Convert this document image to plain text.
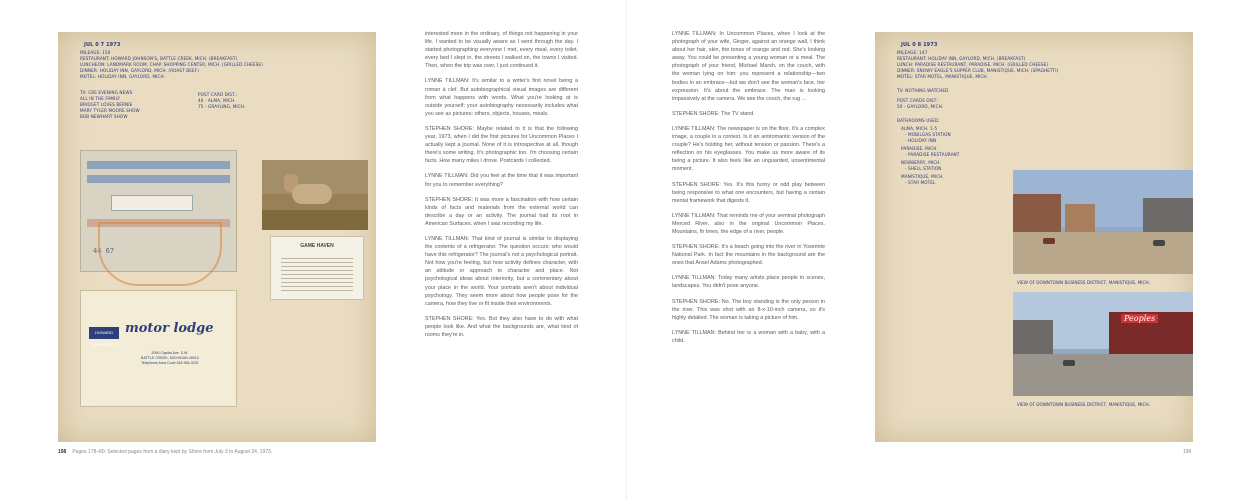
JUL 0 7 1973
MILEAGE: 150
RESTAURANT: HOWARD JOHNSON'S, BATTLE CREEK, MICH. (BREAKFAST)
LUNCHEON: LANDMARK ROOM, CHAP. SHOPPING CENTER, MICH. (GRILLED CHEESE)
DINNER: HOLIDAY INN, GAYLORD, MICH. (ROAST BEEF)
MOTEL: HOLIDAY INN, GAYLORD, MICH.
TV: CBS EVENING NEWS
ALL IN THE FAMILY
BRIDGET LOVES BERNIE
MARY TYLER MOORE SHOW
BOB NEWHART SHOW
POST CARD DIST.:
40 - ALMA, MICH.
75 - GRAYLING, MICH.
44 67
HOWARD JOHNSON'S
motor lodge
2050 Capital Ave. S.W.
BATTLE CREEK, MICHIGAN 49015
Telephone Area Code 616 965-3201
GAME HAVEN

interested more in the ordinary, of things not happening in your life. I wanted to be visually aware as I went through the day. I started photographing everyone I met, every meal, every toilet, every bed I slept in, the streets I walked on, the towns I visited. Then, when the trip was over, I just continued it.

LYNNE TILLMAN: It's similar to a writer's first novel being a roman à clef. But autobiographical visual images are different from what happens with words. What you're looking at is outside yourself; your autobiography necessarily includes what you see as pictures: others, objects, houses, meals.

STEPHEN SHORE: Maybe related to it is that the following year, 1973, when I did the first pictures for Uncommon Places I actually kept a journal. None of it is introspective at all, though there's some writing. It's photographic too. I'm choosing certain facts. How many miles I drove. Postcards I collected.

LYNNE TILLMAN: Did you feel at the time that it was important for you to remember everything?

STEPHEN SHORE: It was more a fascination with how certain kinds of facts and materials from the external world can describe a day or an activity. The journal had its root in American Surfaces, when I was recording my life.

LYNNE TILLMAN: That kind of journal is similar to displaying the contents of a refrigerator. The question occurs: who would have this refrigerator? The journal's not a psychological portrait. Not how you're feeling, but how activity defines character, with an attitude or approach to character and place. Not psychological ideas about interiority, but a commentary about your place in the world. Your portraits aren't about individual psychology. They seem more about how people pose for the camera, how they live or fit inside their environments.

STEPHEN SHORE: Yes. But they also have to do with what people look like. And what the backgrounds are, what kind of rooms they're in.

LYNNE TILLMAN: In Uncommon Places, when I look at the photograph of your wife, Ginger, against an orange wall, I think about her hair, skin, the tones of orange and red. She's looking away. You could be presenting a young woman or a meal. The photograph of your friend, Michael Marsh, on the couch, with the woman lying on him: you represent a relationship—two bodies in an embrace—but we don't see the woman's face, her expression. It's about the embrace. The man is looking impassively at the camera. We see the couch, the rug ...

STEPHEN SHORE: The TV stand.

LYNNE TILLMAN: The newspaper is on the floor. It's a complex image, a couple in a context. Is it an antiromantic version of the couple? He's holding her, without tension or passion. There's a reflection on his eyeglasses. You make us more aware of its being a picture. It also feels like an unguarded, unsentimental moment.

STEPHEN SHORE: Yes. It's this funny or odd play between being responsive to what one encounters, but having a certain mental framework that digests it.

LYNNE TILLMAN: That reminds me of your seminal photograph Merced River, also in the original Uncommon Places. Mountains, fir trees, the edge of a river, people.

STEPHEN SHORE: It's a beach going into the river in Yosemite National Park. In fact the mountains in the background are the ones that Ansel Adams photographed.

LYNNE TILLMAN: Today many artists place people in scenes, landscapes. You didn't pose anyone.

STEPHEN SHORE: No. The boy standing is the only person in the river. This was shot with an 8-x-10-inch camera, so it's highly detailed. The woman is taking a picture of him.

LYNNE TILLMAN: Behind her is a woman with a baby, with a child.

JUL 0 8 1973
MILEAGE: 147
RESTAURANT: HOLIDAY INN, GAYLORD, MICH. (BREAKFAST)
LUNCH: PARADISE RESTAURANT, PARADISE, MICH. (GRILLED CHEESE)
DINNER: SNOWY EAGLE'S SUPPER CLUB, MANISTIQUE, MICH. (SPAGHETTI)
MOTEL: STAR MOTEL, MANISTIQUE, MICH.
TV: NOTHING WATCHED
POST CARDS DIST.:
50 - GAYLORD, MICH.
BATHROOMS USED:
ALMA, MICH. 1-5
- MOBILGAS STATION
- HOLIDAY INN
PARADISE, MICH.
- PARADISE RESTAURANT
NEWBERRY, MICH.
- SHELL STATION
MANISTIQUE, MICH.
- STAR MOTEL
VIEW OF DOWNTOWN BUSINESS DISTRICT, MANISTIQUE, MICH.
Peoples
VIEW OF DOWNTOWN BUSINESS DISTRICT, MANISTIQUE, MICH.
198 Pages 178–80: Selected pages from a diary kept by Shore from July 3 to August 24, 1973.	199
